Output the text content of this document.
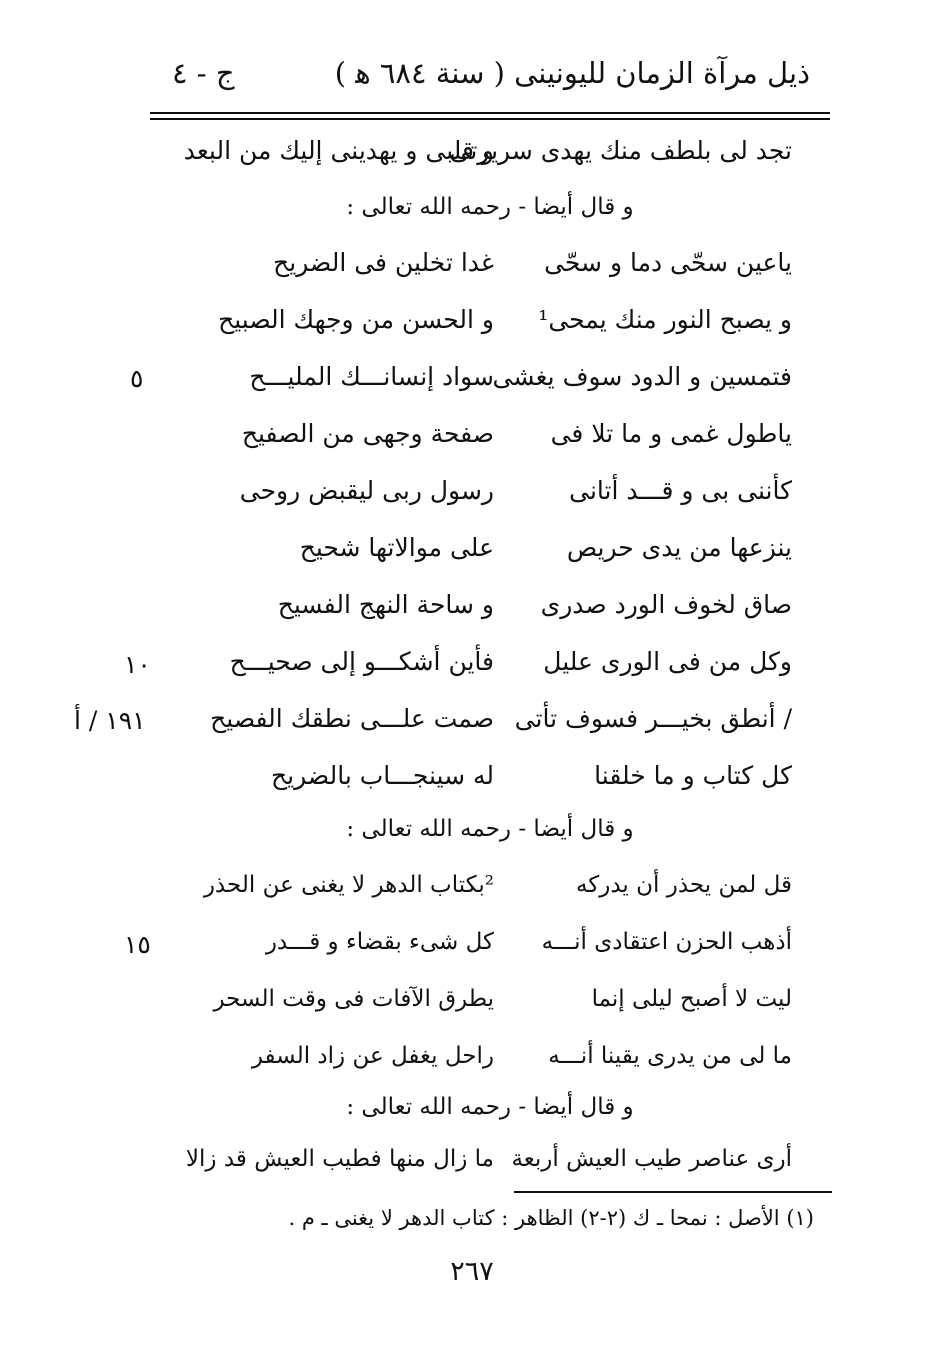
ذيل مرآة الزمان لليونينى ( سنة ٦٨٤ ﻫ )
ج - ٤
تجد لى بلطف منك يهدى سريرتى
و قلبى و يهدينى إليك من البعد
و قال أيضا - رحمه الله تعالى :
ياعين سحّى دما و سحّى
غدا تخلين فى الضريح
و يصبح النور منك يمحى¹
و الحسن من وجهك الصبيح
فتمسين و الدود سوف يغشى
سواد إنسانـــك المليـــح
ياطول غمى و ما تلا فى
صفحة وجهى من الصفيح
كأننى بى و قـــد أتانى
رسول ربى ليقبض روحى
ينزعها من يدى حريص
على موالاتها شحيح
صاق لخوف الورد صدرى
و ساحة النهج الفسيح
وكل من فى الورى عليل
فأين أشكـــو إلى صحيـــح
/ أنطق بخيـــر فسوف تأتى
صمت علـــى نطقك الفصيح
كل كتاب و ما خلقنا
له سينجـــاب بالضريح
و قال أيضا - رحمه الله تعالى :
قل لمن يحذر أن يدركه
²بكتاب الدهر لا يغنى عن الحذر
أذهب الحزن اعتقادى أنـــه
كل شىء بقضاء و قـــدر
ليت لا أصبح ليلى إنما
يطرق الآفات فى وقت السحر
ما لى من يدرى يقينا أنـــه
راحل يغفل عن زاد السفر
و قال أيضا - رحمه الله تعالى :
أرى عناصر طيب العيش أربعة
ما زال منها فطيب العيش قد زالا
٥
١٠
١٩١ / أ
١٥
(١) الأصل : نمحا ـ ك (٢-٢) الظاهر : كتاب الدهر لا يغنى ـ م .
٢٦٧
